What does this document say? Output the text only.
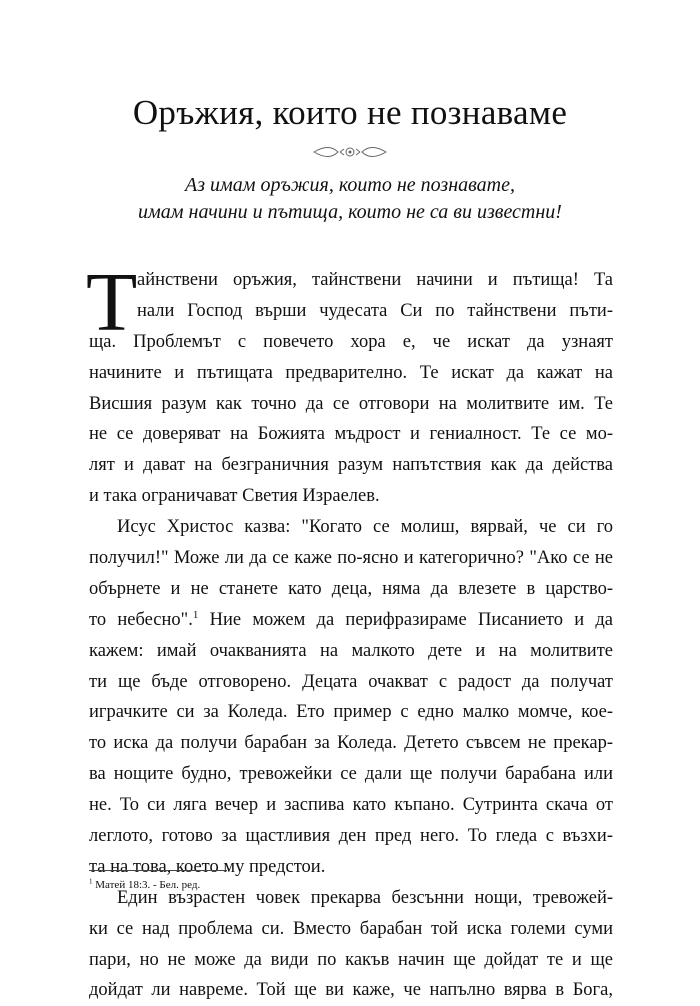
Оръжия, които не познаваме
Аз имам оръжия, които не познавате,
имам начини и пътища, които не са ви известни!
Т айнствени оръжия, тайнствени начини и пътища! Та
нали Господ върши чудесата Си по тайнствени пъти-
ща. Проблемът с повечето хора е, че искат да узнаят
начините и пътищата предварително. Те искат да кажат на
Висшия разум как точно да се отговори на молитвите им. Те
не се доверяват на Божията мъдрост и гениалност. Те се мо-
лят и дават на безграничния разум напътствия как да действа
и така ограничават Светия Израелев.
Исус Христос казва: "Когато се молиш, вярвай, че си го
получил!" Може ли да се каже по-ясно и категорично? "Ако се не
обърнете и не станете като деца, няма да влезете в царство-
то небесно".$^1$ Ние можем да перифразираме Писанието и да
кажем: имай очакванията на малкото дете и на молитвите
ти ще бъде отговорено. Децата очакват с радост да получат
играчките си за Коледа. Ето пример с едно малко момче, кое-
то иска да получи барабан за Коледа. Детето съвсем не прекар-
ва нощите будно, тревожейки се дали ще получи барабана или
не. То си ляга вечер и заспива като къпано. Сутринта скача от
леглото, готово за щастливия ден пред него. То гледа с възхи-
та на това, което му предстои.
Един възрастен човек прекарва безсънни нощи, тревожей-
ки се над проблема си. Вместо барабан той иска големи суми
пари, но не може да види по какъв начин ще дойдат те и ще
дойдат ли навреме. Той ще ви каже, че напълно вярва в Бога,
$^1$ Матей 18:3. - Бел. ред.
